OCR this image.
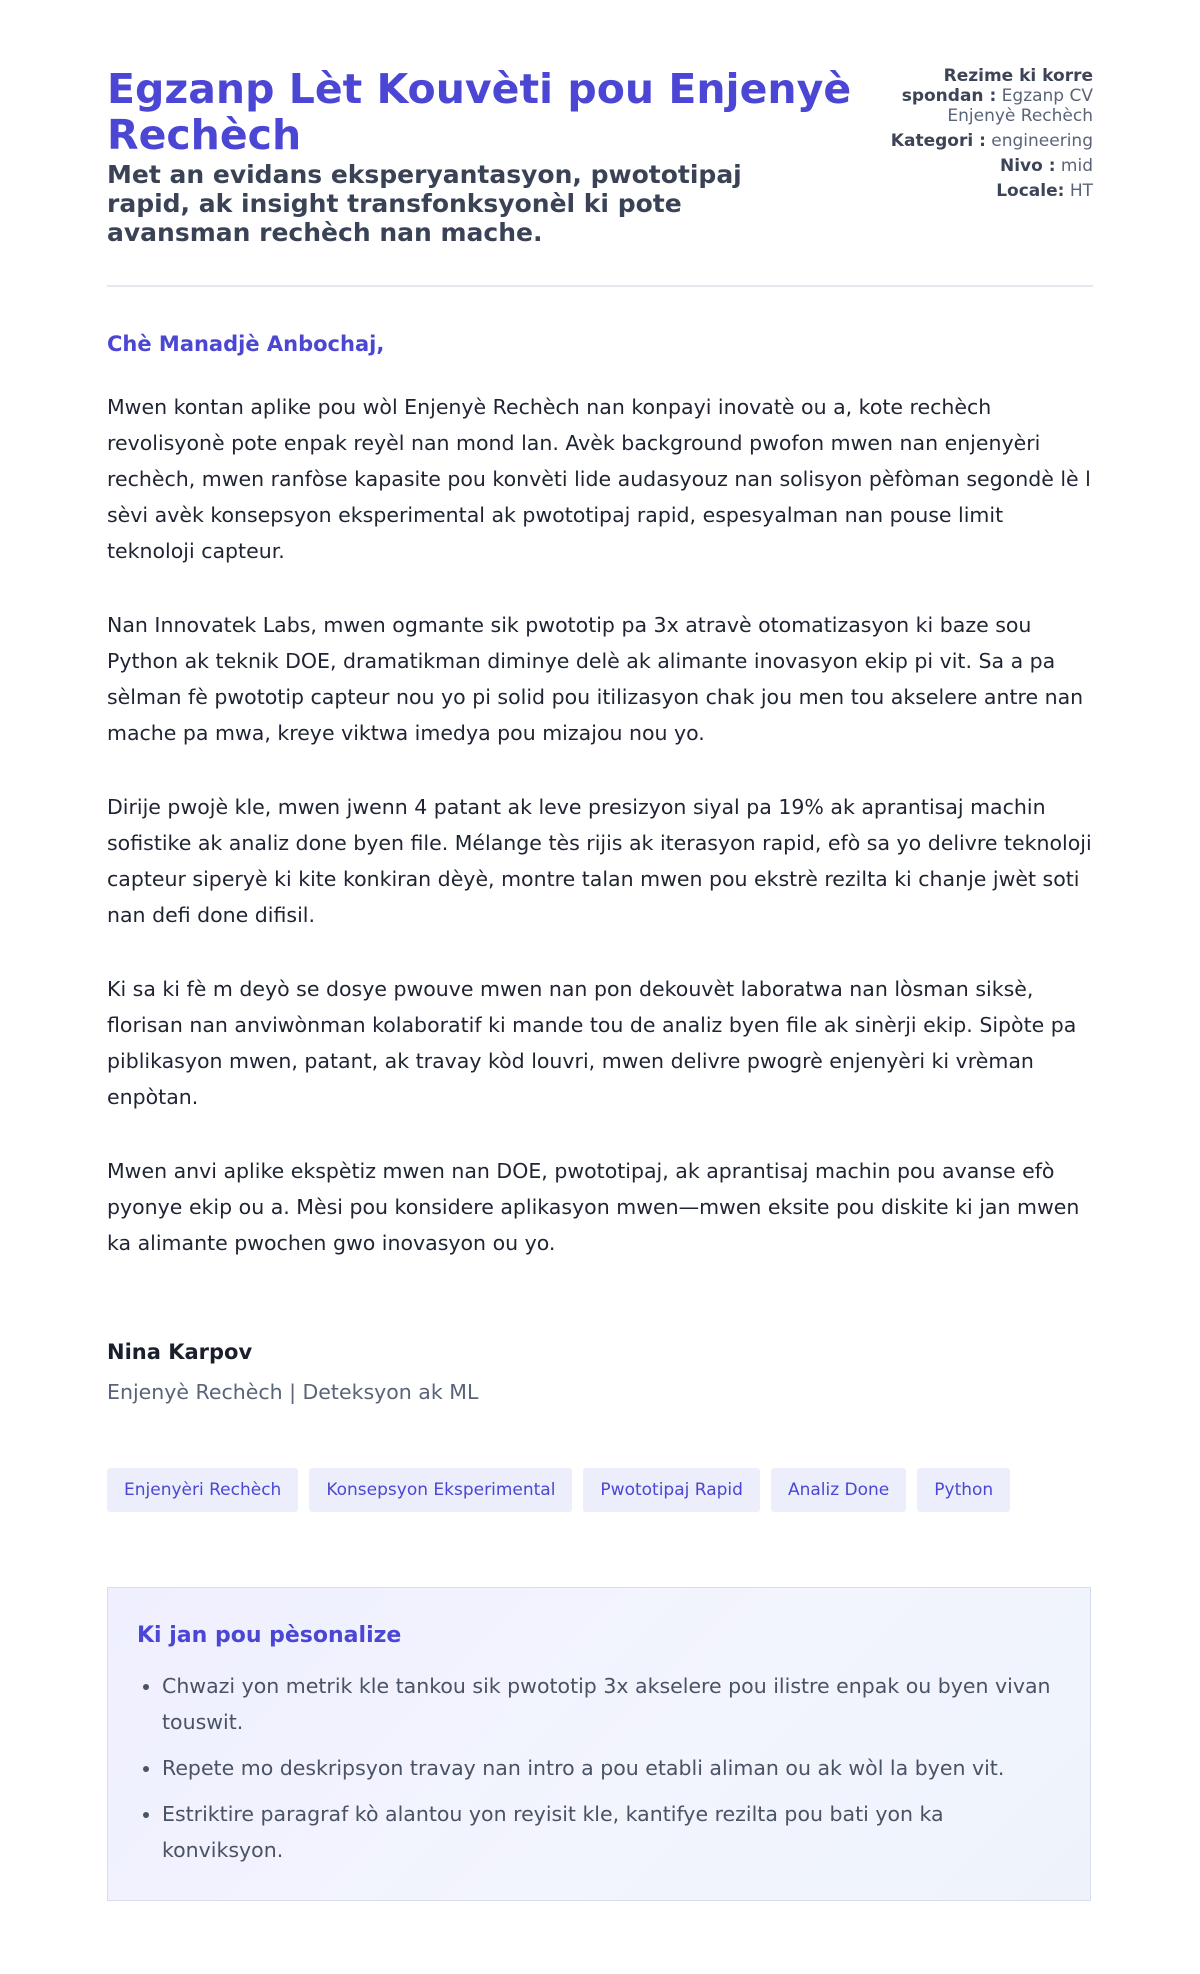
Egzanp Lèt Kouvèti pou Enjenyè Rechèch

Met an evidans eksperyantasyon, pwototipaj rapid, ak insight transfonksyonèl ki pote avansman rechèch nan mache.

Rezime ki korre spondan : Egzanp CV Enjenyè Rechèch
Kategori : engineering
Nivo : mid
Locale: HT

Chè Manadjè Anbochaj,

Mwen kontan aplike pou wòl Enjenyè Rechèch nan konpayi inovatè ou a, kote rechèch revolisyonè pote enpak reyèl nan mond lan. Avèk background pwofon mwen nan enjenyèri rechèch, mwen ranfòse kapasite pou konvèti lide audasyouz nan solisyon pèfòman segondè lè l sèvi avèk konsepsyon eksperimental ak pwototipaj rapid, espesyalman nan pouse limit teknoloji capteur.

Nan Innovatek Labs, mwen ogmante sik pwototip pa 3x atravè otomatizasyon ki baze sou Python ak teknik DOE, dramatikman diminye delè ak alimante inovasyon ekip pi vit. Sa a pa sèlman fè pwototip capteur nou yo pi solid pou itilizasyon chak jou men tou akselere antre nan mache pa mwa, kreye viktwa imedya pou mizajou nou yo.

Dirije pwojè kle, mwen jwenn 4 patant ak leve presizyon siyal pa 19% ak aprantisaj machin sofistike ak analiz done byen file. Mélange tès rijis ak iterasyon rapid, efò sa yo delivre teknoloji capteur siperyè ki kite konkiran dèyè, montre talan mwen pou ekstrè rezilta ki chanje jwèt soti nan defi done difisil.

Ki sa ki fè m deyò se dosye pwouve mwen nan pon dekouvèt laboratwa nan lòsman siksè, florisan nan anviwònman kolaboratif ki mande tou de analiz byen file ak sinèrji ekip. Sipòte pa piblikasyon mwen, patant, ak travay kòd louvri, mwen delivre pwogrè enjenyèri ki vrèman enpòtan.

Mwen anvi aplike ekspètiz mwen nan DOE, pwototipaj, ak aprantisaj machin pou avanse efò pyonye ekip ou a. Mèsi pou konsidere aplikasyon mwen—mwen eksite pou diskite ki jan mwen ka alimante pwochen gwo inovasyon ou yo.

Nina Karpov

Enjenyè Rechèch | Deteksyon ak ML

Enjenyèri Rechèch	Konsepsyon Eksperimental	Pwototipaj Rapid	Analiz Done	Python
Ki jan pou pèsonalize
• Chwazi yon metrik kle tankou sik pwototip 3x akselere pou ilistre enpak ou byen vivan touswit.
• Repete mo deskripsyon travay nan intro a pou etabli aliman ou ak wòl la byen vit.
• Estriktire paragraf kò alantou yon reyisit kle, kantifye rezilta pou bati yon ka konviksyon.
